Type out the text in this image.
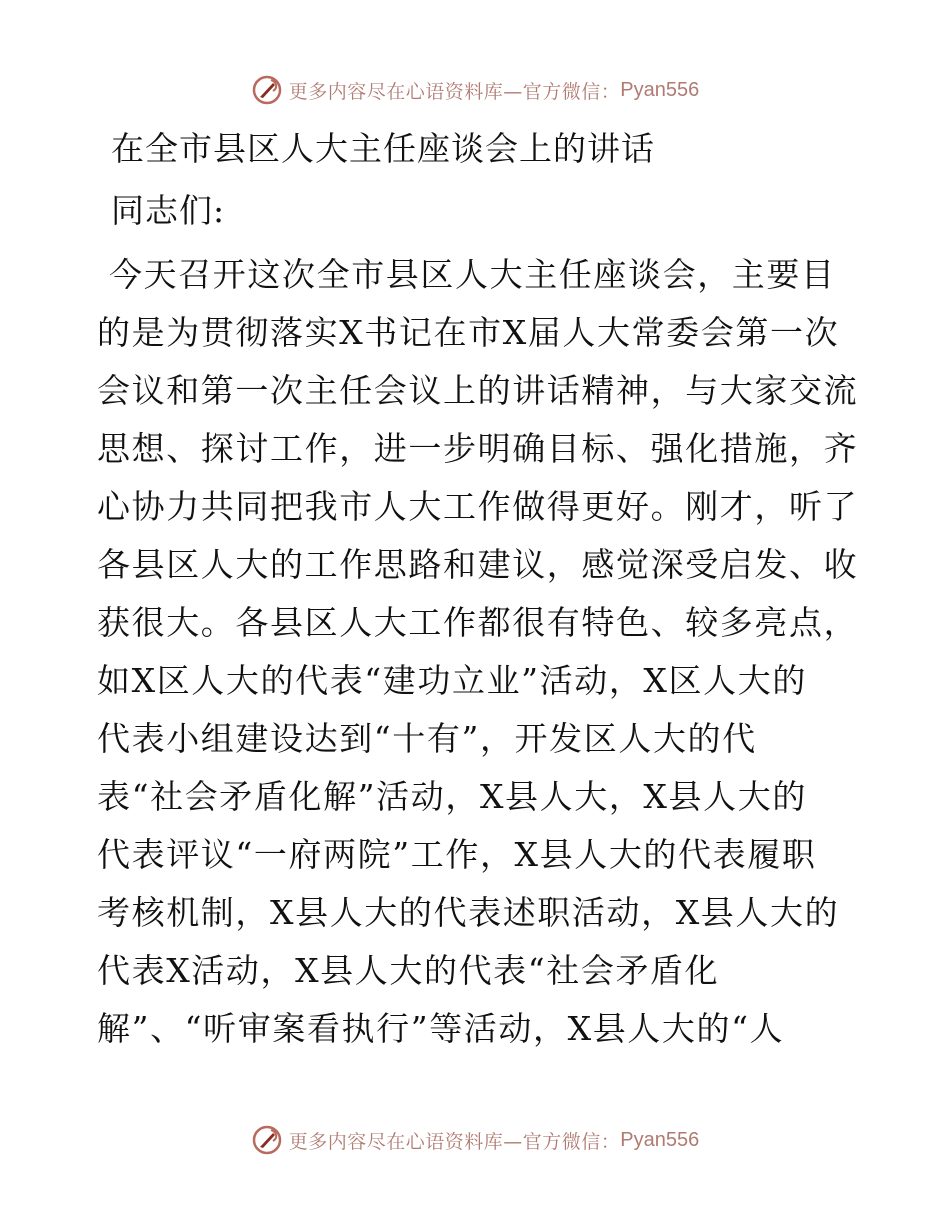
更多内容尽在心语资料库—官方微信： Pyan556
在全市县区人大主任座谈会上的讲话
同志们:
今天召开这次全市县区人大主任座谈会，主要目
的是为贯彻落实X书记在市X届人大常委会第一次
会议和第一次主任会议上的讲话精神，与大家交流
思想、探讨工作，进一步明确目标、强化措施，齐
心协力共同把我市人大工作做得更好。刚才，听了
各县区人大的工作思路和建议，感觉深受启发、收
获很大。各县区人大工作都很有特色、较多亮点，
如X区人大的代表“建功立业”活动，X区人大的
代表小组建设达到“十有”，开发区人大的代
表“社会矛盾化解”活动，X县人大，X县人大的
代表评议“一府两院”工作，X县人大的代表履职
考核机制，X县人大的代表述职活动，X县人大的
代表X活动，X县人大的代表“社会矛盾化
解”、“听审案看执行”等活动，X县人大的“人
更多内容尽在心语资料库—官方微信： Pyan556
